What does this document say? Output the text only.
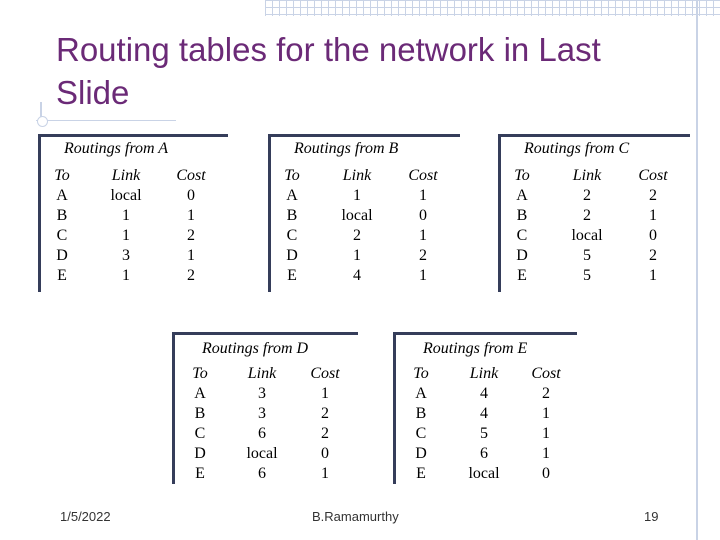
Routing tables for the network in Last Slide
Routings from A
To	Link	Cost
A	local	0
B	1	1
C	1	2
D	3	1
E	1	2
Routings from B
To	Link	Cost
A	1	1
B	local	0
C	2	1
D	1	2
E	4	1
Routings from C
To	Link	Cost
A	2	2
B	2	1
C	local	0
D	5	2
E	5	1
Routings from D
To	Link	Cost
A	3	1
B	3	2
C	6	2
D	local	0
E	6	1
Routings from E
To	Link	Cost
A	4	2
B	4	1
C	5	1
D	6	1
E	local	0
1/5/2022	B.Ramamurthy	19
